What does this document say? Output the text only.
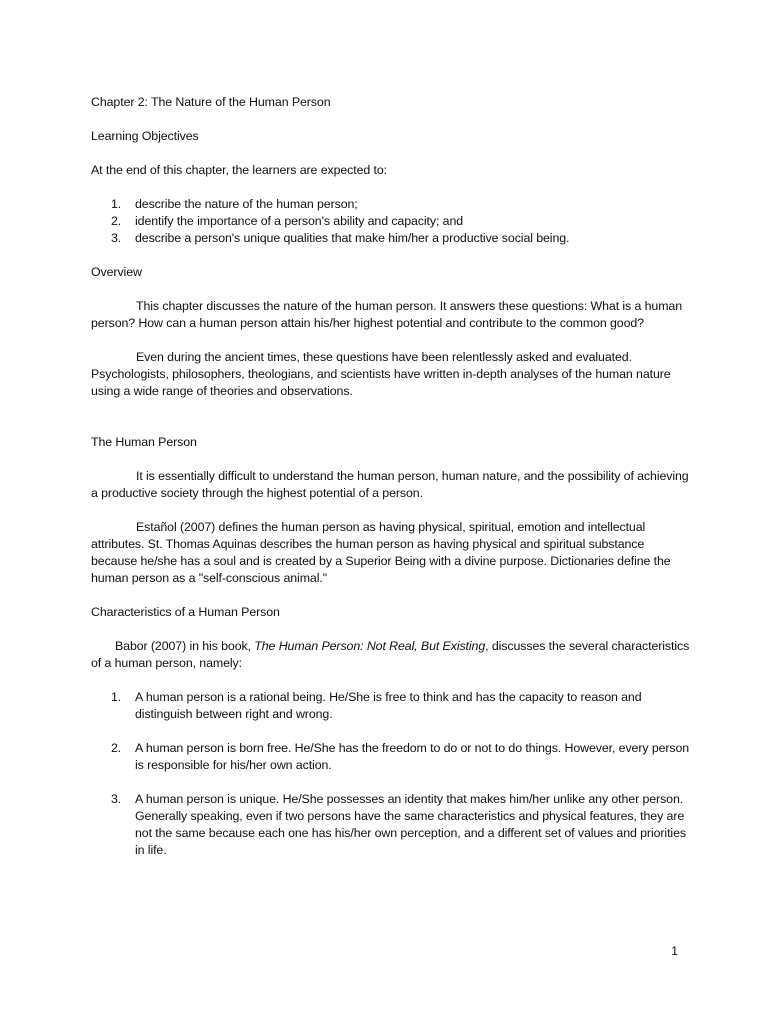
Chapter 2: The Nature of the Human Person

Learning Objectives

At the end of this chapter, the learners are expected to:

1. describe the nature of the human person;
2. identify the importance of a person's ability and capacity; and
3. describe a person's unique qualities that make him/her a productive social being.

Overview

This chapter discusses the nature of the human person. It answers these questions: What is a human person? How can a human person attain his/her highest potential and contribute to the common good?

Even during the ancient times, these questions have been relentlessly asked and evaluated. Psychologists, philosophers, theologians, and scientists have written in-depth analyses of the human nature using a wide range of theories and observations.

The Human Person

It is essentially difficult to understand the human person, human nature, and the possibility of achieving a productive society through the highest potential of a person.

Estañol (2007) defines the human person as having physical, spiritual, emotion and intellectual attributes. St. Thomas Aquinas describes the human person as having physical and spiritual substance because he/she has a soul and is created by a Superior Being with a divine purpose. Dictionaries define the human person as a "self-conscious animal."

Characteristics of a Human Person

Babor (2007) in his book, The Human Person: Not Real, But Existing, discusses the several characteristics of a human person, namely:

1. A human person is a rational being. He/She is free to think and has the capacity to reason and distinguish between right and wrong.
2. A human person is born free. He/She has the freedom to do or not to do things. However, every person is responsible for his/her own action.
3. A human person is unique. He/She possesses an identity that makes him/her unlike any other person. Generally speaking, even if two persons have the same characteristics and physical features, they are not the same because each one has his/her own perception, and a different set of values and priorities in life.
1
